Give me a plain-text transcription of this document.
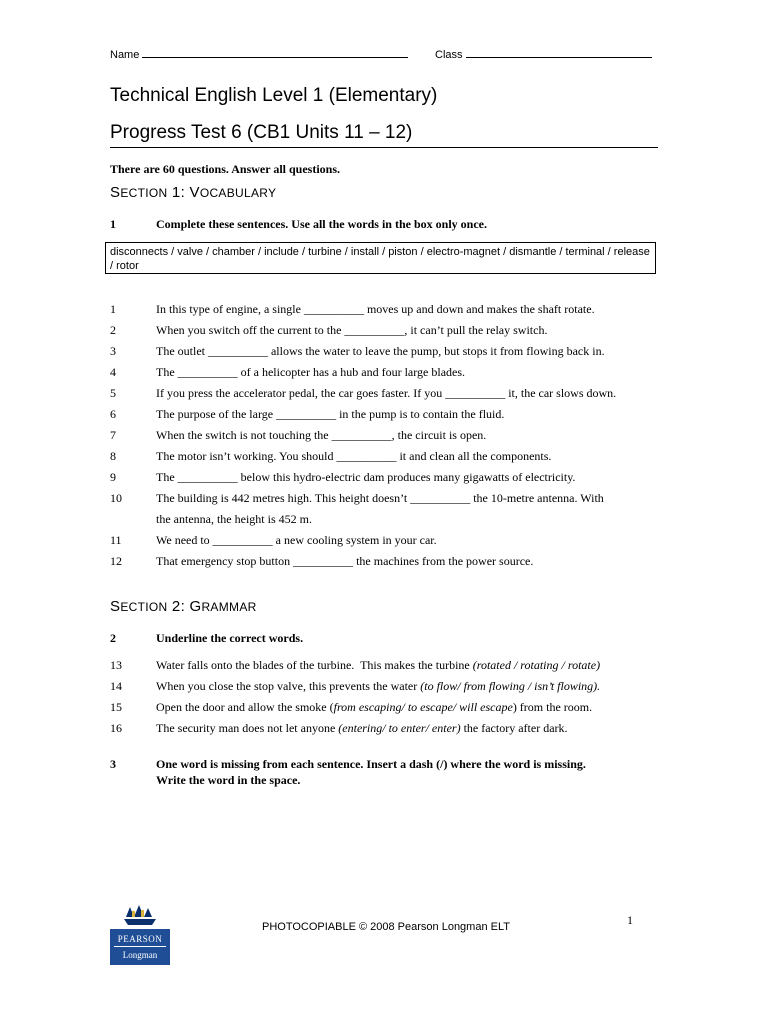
Name	Class
Technical English Level 1 (Elementary)
Progress Test 6 (CB1 Units 11 – 12)
There are 60 questions. Answer all questions.
SECTION 1: VOCABULARY
1	Complete these sentences. Use all the words in the box only once.
disconnects / valve / chamber / include / turbine / install / piston / electro-magnet / dismantle / terminal / release / rotor
1	In this type of engine, a single __________ moves up and down and makes the shaft rotate.
2	When you switch off the current to the __________, it can’t pull the relay switch.
3	The outlet __________ allows the water to leave the pump, but stops it from flowing back in.
4	The __________ of a helicopter has a hub and four large blades.
5	If you press the accelerator pedal, the car goes faster. If you __________ it, the car slows down.
6	The purpose of the large __________ in the pump is to contain the fluid.
7	When the switch is not touching the __________, the circuit is open.
8	The motor isn’t working. You should __________ it and clean all the components.
9	The __________ below this hydro-electric dam produces many gigawatts of electricity.
10	The building is 442 metres high. This height doesn’t __________ the 10-metre antenna. With
the antenna, the height is 452 m.
11	We need to __________ a new cooling system in your car.
12	That emergency stop button __________ the machines from the power source.
SECTION 2: GRAMMAR
2	Underline the correct words.
13	Water falls onto the blades of the turbine.  This makes the turbine (rotated / rotating / rotate)
14	When you close the stop valve, this prevents the water (to flow/ from flowing / isn’t flowing).
15	Open the door and allow the smoke (from escaping/ to escape/ will escape) from the room.
16	The security man does not let anyone (entering/ to enter/ enter) the factory after dark.
3	One word is missing from each sentence. Insert a dash (/) where the word is missing.
Write the word in the space.
PEARSON
Longman
PHOTOCOPIABLE © 2008 Pearson Longman ELT	1
